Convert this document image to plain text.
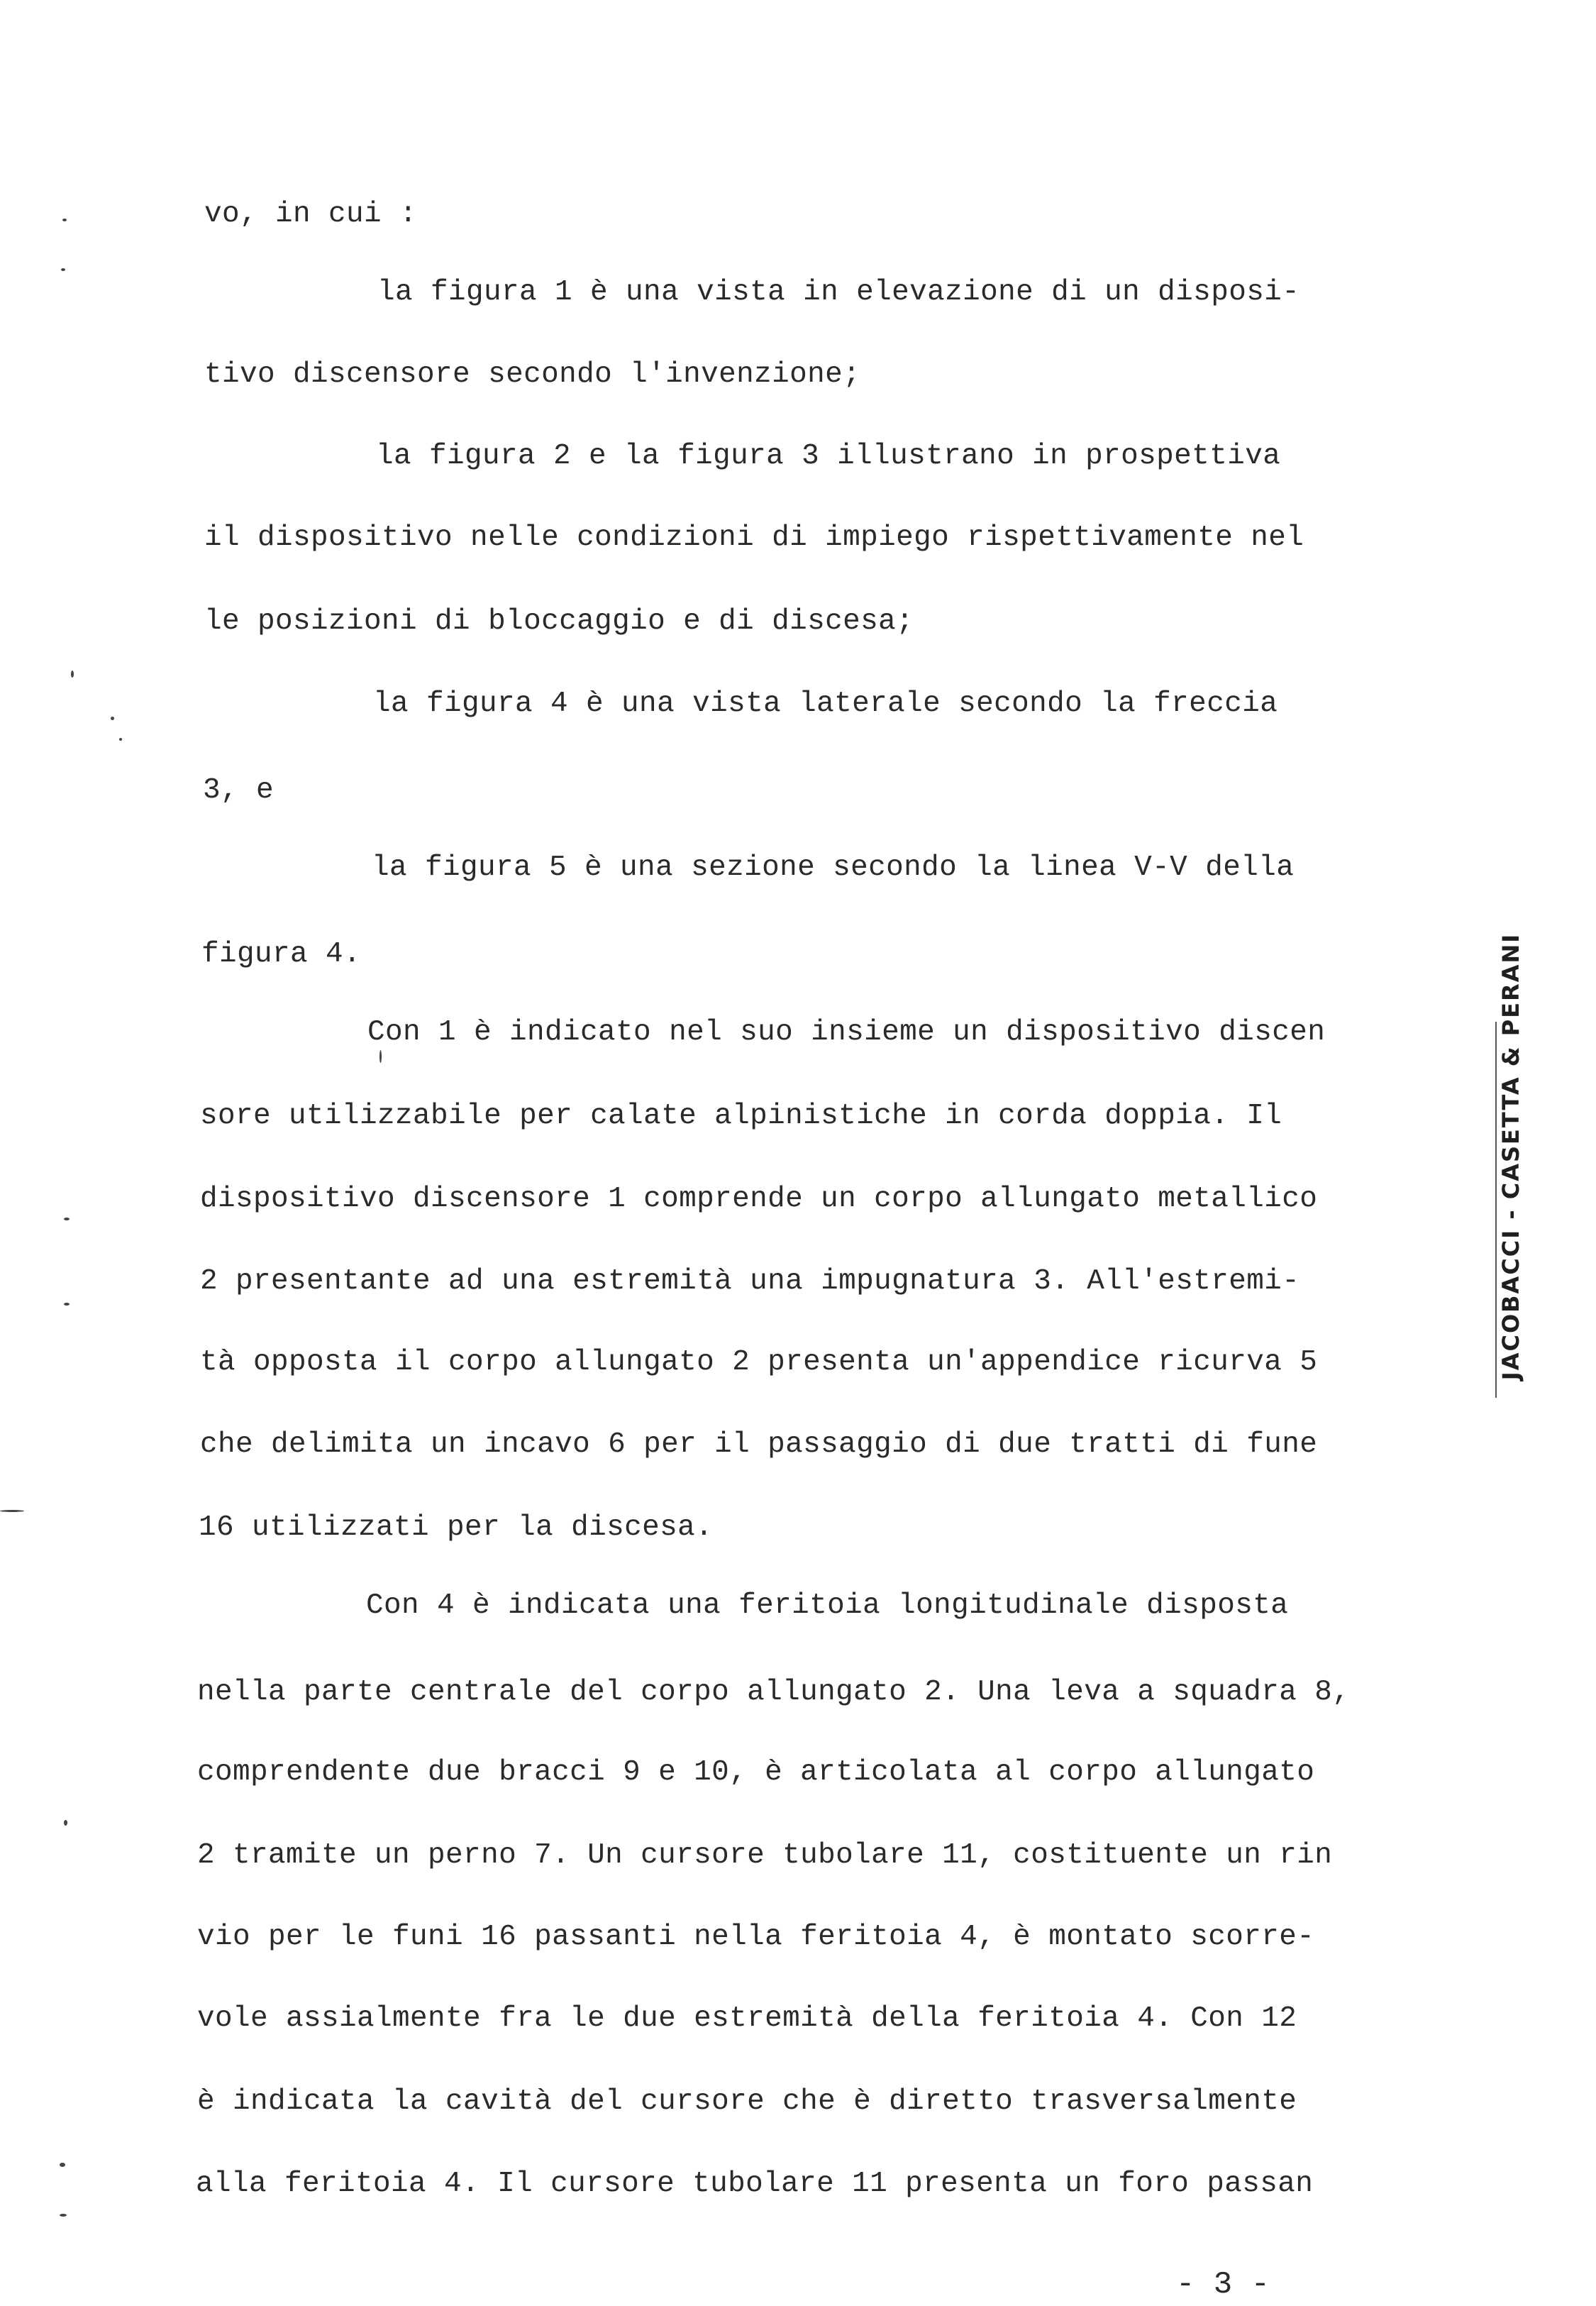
vo, in cui :
la figura 1 è una vista in elevazione di un disposi-
tivo discensore secondo l'invenzione;
la figura 2 e la figura 3 illustrano in prospettiva
il dispositivo nelle condizioni di impiego rispettivamente nel
le posizioni di bloccaggio e di discesa;
la figura 4 è una vista laterale secondo la freccia
3, e
la figura 5 è una sezione secondo la linea V-V della
figura 4.
Con 1 è indicato nel suo insieme un dispositivo discen
sore utilizzabile per calate alpinistiche in corda doppia. Il
dispositivo discensore 1 comprende un corpo allungato metallico
2 presentante ad una estremità una impugnatura 3. All'estremi-
tà opposta il corpo allungato 2 presenta un'appendice ricurva 5
che delimita un incavo 6 per il passaggio di due tratti di fune
16 utilizzati per la discesa.
Con 4 è indicata una feritoia longitudinale disposta
nella parte centrale del corpo allungato 2. Una leva a squadra 8,
comprendente due bracci 9 e 10, è articolata al corpo allungato
2 tramite un perno 7. Un cursore tubolare 11, costituente un rin
vio per le funi 16 passanti nella feritoia 4, è montato scorre-
vole assialmente fra le due estremità della feritoia 4. Con 12
è indicata la cavità del cursore che è diretto trasversalmente
alla feritoia 4. Il cursore tubolare 11 presenta un foro passan
- 3 -
JACOBACCI - CASETTA & PERANI
